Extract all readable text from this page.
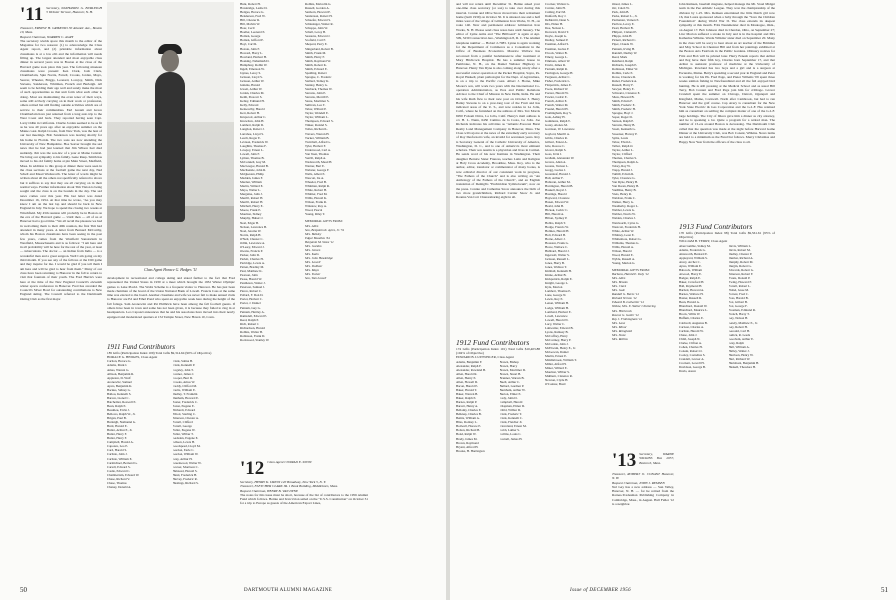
'11 Secretary, NATHANIEL G. BURLEIGH 5 Webster Terrace, Hanover, N. H.

Treasurer, ERNEST H. GRIMOND 30 Atlantic Ave., Boston 10, Mass.

Bequest Chairman, WARREN C. AGRY

The secretary wields space this month to the editor of the Magazine for two reasons: (1) to acknowledge the Class Agent report, and (2) printable information about classmates is at a low ebb and the information will needs filling up. The largest attended and most enjoyable class dinner in several years was in Boston at the close of the Harvard game took place this year. The following nineteen classmates were present: Ken Clark, Josh Clark, Chamberlain, Spin Norris, Farrell, Crooks, Jordan, Mayo, Seaver, Wheeler, Briggs, Leonard, Lovejoy, Smith, Dick Stevens, Sanderson, Whitman, French and Burleigh. All seem to be holding their age well and surely make the most of such opportunities as that unit form what each other is doing. Most are maintaining the even tenor of their ways, some still actively carrying on in their work or profession, others retired but still finding outside activities which are of service to their communities. Earl Gream and Grace Chamberlain have just returned from a long auto trip to the West Coast and back. They reported having seen Capt. Larry Odlin in California. Charlie Jordan seemed to be as fit as he was 40 years ago after an enjoyable summer on the Maine coast. Ralph Crooks, from New York, was the best of our last meetings. Bob Sanderson was leaving shortly for his home in Florida. The two sons are now attending the University of New Hampshire. Hoe Seaver brought the sad news that he had just learned that Jim Wilson had died suddenly. Jim was the son-law of a year at Maine Central. We bring our sympathy to his family. Gene Raup. Smith has moved to his old family home at pin Main Street, Medfield, Mass. In addition to this group at dinner there were seen in the class sections at the football game the next day, Ned Schell and Mead Wadsworth. The letter of words might be written about all the others not specifically referred to above but it suffices to say that they are all carrying on in their normal ways. Further information about Tim Vision is being sought and the class is on the bounds in the day. The sad news comes over this year. His last letter was dated December 16, 1954. At that time he wrote, "As you may know I am on the last lap and should be back in New England in July. We hope to spend the closing two weeks at Winchfield. My 45th reunion will probably be in Boston on the eve of the Harvard game — Until then — all of us at Hanover had a good time." We all recall the pleasure we had in welcoming them to their 40th reunion, the first Tim had attended in many years. A letter from Bernard McCarthy, whom his Boston classmates have been seeing in the past few years, comes from the Westfield Sanatorium in Westfield, Massachusetts and is as follows: "I am here and in all probability will be here for the rest of the year, at least — tuberculosis. The doctor — an Indian from India — is a wonderful man and a great surgeon. Well I am going on my third month. If you see any of the fellows at the Dill game and they inquire for me. I would be glad if you tell them I am here and will be glad to hear from them." Many of our class have been returning to Hanover in the fall to return to visit that fountain of their youth. The Fred Harris's were here at the time of the New England Council's eleventh winter sports conference in Hanover. Fred has awarded the Council's Silver Bowl for outstanding contributions to New England skiing. The Council referred to the Dartmouth Outing Club as the first major

Class Agent Horace G. Hedges '11

development in recreational and college skiing and stated further to the fact that Fred represented the United States in 1930 at a meet which brought the 1932 Winter Olympic games to Lake Placid. The Waltz Scheme is a frequent visitor to Hanover. He has just been made chairman of the board of the Union National Bank of Lowell. Francis Cass at the same time was elected to the board. Another classmate and wife we never fail to make annual visits to Hanover are Ed and Ethel Pond who spent an enjoyable week here during the height of the fall foliage. Sam Aronowitz and Pat Philbrick have been among the fall football guests. If others have been in town and some has not been given, it is because they failed to ring in at headquarters. Leo Capozzi announces that he and his associates have moved into their newly equipped and modernized quarters at 152 Temple Street, New Haven 10, Conn.

1911 Fund Contributors

185 Gifts (Participation Index 109) Total Gifts $9,314.64 (90% of Objective)

HORACE G. HEDGES, Class Agent

Carlton, Horace G.
Adams, Mark I.
Ames, Warren G.
Allison, Benjamin R.
Appleton, D. Wolf
Aronowitz, Samuel
Ayers, Benjamin K.
Backus, Sidney G.
Ballou, Kenneth S.
Barron, Lionel C.
Batchelder, Roswell E.
Bean, Ralph E.
Beaulieu, Ervin J.
Bellows, Ralph W., Jr.
Brigan, Paul B.
Burleigh, Nathaniel G.
Burtt, Harold E.
Butler, Arthur P., Jr.
Butler, Harry F.
Butler, Harry F.
Campbell, Harold A.
Capozza, Leo E.
Card, Harold S.
Carlisle, John J.
Carlisle, William E.
Carmichael, Bernard G.
Cartell, Edward S.
Castle, Edward C.
Chamberlain, Edward W.
Chase, Richard V.
Chase, Thomas
Cheney, Donald A.
Clark, Salina B.
Clark, Kenneth P.
Cogsley, John T.
Connor, James J.
Cooper, Burt D.
Crooks, Amos W.
Cuddy, Clifford M.
Curtis, William E.
Dudley, T. Franklin
Dunham, Howard E.
Easter, Frederick C.
Eaton, Eugene E.
Ehrhardt, Edward
Elliott, Sterling C.
Emerson, Chester A.
Farrell, Clifford
Farrell, George
Fuller, Eugene W.
Fuller, Wilbur T.
Gadsden, Eugene E.
Gibson, Lewis H.
Goodspeed, Lloyd M.
Gordon, Earle C.
Gordon, William W.
Gray, Arthur H.
Greenwood, Walter W.
Grover, Morrison C.
Halstead, Harold S.
Hand, Frederick H.
Harvey, Frederic R.
Hastings, Richard S.
Hunt, Robert H.
Hawkridge, Leslie D.
Hedges, Horace G.
Henderson, Fred W.
Hill, Chester R.
Hill, Malvin W.
Hoar, Cecil
Hoeller, Leonard E.
Holden, George
Holden, Gifford P.
Hoyt, Carl R.
Hoxsie, John F.
Howard, Harry L.
Howland, Herbert H.
Hosking, Nehemiah D.
Humphrey, Rollin W.
Ingell, Emerson W.
Jaynes, Leroy S.
Jackson, Lloyd S.
Jackson, Arthur W.
Jenkins, Harold
Jewett, Arthur W.
Jordan, Charles M.
Keith, Prescott S.
Kelley, Edmund H.
Kelly, Edward
Kenworthy, Harold
Kerr, Robert H.
Krupscott, Arthur C.
Knowlton, John H.
Lambert, Ralph D.
Langdon, Robert J.
Larrabee, Lloyd S.
Leach, Roger E.
Levison, Frederick W.
Loughlin, Thomas F.
Lovejoy, Ernest L.
Lowell, John F.
Lyman, Thomas B.
McConnell, Guy M.
MacGregor, Harold B.
MacKenzie, John R.
McQuesten, Philip
Madden, James F.
Marden, William
Martin, Willard E.
Mayo, Walter L.
Mergaine, John J.
Merrill, Robert H.
Merrill, Robert H.
Mitchell, Harry E.
Moore, Frank E.
Moulton, Sidney
Murphy, Hubert J.
Neal, Edgar B.
Nelson, Lawrence B.
Noel, Jerome W.
Norris, Ralph H.
O'Neil, Chester C.
Odlin, Lawrence A.
O'Leary, Edward J.
Owens, Francis P.
Parker, John D.
Parlett, Charles H.
Partridge, Lewis A.
Patten, Bradley M.
Paul, Matthew K.
Pearson, John
Pease, Harold W.
Pendleton, Walter J.
Peterson, Samuel J.
Pierce, Robert C.
Pollard, F. Don D.
Porter, Herbert C.
Porter, J. Daniel
Putnam, Guy G.
Putnam, Hartley A.
Ramsdell, Edward E.
Reed, Ralph P.
Rich, Robert J.
Richardson, Harold
Rollins, Walter B.
Robinson, Frank D.
Rockwood, Stanley W.
Rollins, Malcolm G.
Russell, Gordon A.
Sanborn, Howard P.
Sanderson, Robert H.
Schaefer, Edward S.
Schlesinger, Walter R.
Schoppe, John W.
Schell, Leroy B.
Sessions, Edward J.
Scofield, Carl F.
Shepard, Perry E.
Slingerland, Robert B.
Smith, Frank M.
Smith, Harry F.
Smith, Raymond W.
Smith, Robert K.
Smith, Edward E.
Spalding, Robert
Sprague, C. Frederic
Stallard, Sidney K.
Stanley, Henry G.
Starbuck, Thomas W.
Stevens, John E.
Stevens, Merrill E.
Stone, Mortimer S.
Sullivan, Leo T.
Tabor, Willard P.
Taylor, Wendell E.
Taylor, William L.
Thompson, Edward S.
Tinker, Roland S.
Tolles, Richard L.
Travers, Warren H.
Tucker, William B.
Twitchell, Alfred G.
Tyler, Herbert F.
Underwood, Carl A.
Van Veen, Thomas
Verrill, Ralph A.
Wadsworth, Mead H.
Warner, Bert E.
Webster, George F.
Wells, Albert E.
Wescott, Ira A.
Wheeler, Fred B.
Whitman, Ralph R.
White, Robert H.
Whittier, Fred M.
Willis, Harold K.
Wilson, Frank R.
Winslow, Roy A.
Wood, Pascal
Young, Riley T.
MEMORIAL GIFTS FROM:
Mrs. Allen
Son, Benjamin K. Ayres, Jr. '51
Mrs. Bulkley
Edgar Beaulieu '64
Benjamin M. Stone '11
Mrs. Gordon
Mrs. Jensen
Mrs. Kahn
Mrs. John Hawkridge
Mrs. Lowell
Mrs. Dolbear
Mrs. Mayo
Mrs. Tucker
Son, Tom Lowell
'12 Class Agent CONRAD E. SNOW

Secretary, HENRY K. URION 120 Broadway, New York 5, N. Y.

Treasurer, FLETCHER CLARK JR. 1 Book Building, Middleboro, Mass.

Bequest Chairman, HENRY B. VAN DYNE

The notes for this issue must be short, because of the list of contributors to the 1956 Alumni Fund which follows. Heinie and Ivan Urion sailed on the "U.S.S. Constitution" on October 31 for a trip to Europe as guests of the American Export Lines,

50	DARTMOUTH ALUMNI MAGAZINE

and will not return until December 31. Heinie asked your one-time class secretary (or son) to take over during this interval. Connie and Olive Snow moved into their retirement home (built 1939) on October 30. It is situated one and a half miles west of the village of Gilmanton Iron Works, N. H., on route 140. New and permanent address: Gilmanton Iron Works, N. H. Please send class notes here until January. The editor of Lyme Arms and "The Billboard" is again at Apt. 509, 3230 Connecticut Ave., Washington 8, D. C. The Alumni telephone number — Hobart 2-7083. Lynne is again working for the Department of Commerce as a Consultant in the Office of Business Economics. Maurice Wallace has recovered from a painful backmaneuvre after treatment at Mary Hitchcock Hospital. He has a summer house in Pembroke, N. H., on the Daniel Webster Highway to Hanover. Henry Van Dyne is also coming along nicely after a successful cancer operation at the Packer Hospital, Sayre, Pa. Royal Haskell, plant pathologist for the Dept. of Agriculture, is on a trip to the Pacific coast. Albert J. Horne, Mike Moore's son, will work two years with the International Co-operation Administration, as Pres and Public Relations Advisor to the Chief of Mission in New Delhi, India. He and his wife Ruth flew to their new post on October 3. Henry Bailey Stevens is on a year-long tour of the Fruit and has indicated areas of the U. S., and now resides in La Jolla, Calif., where he furnished on the address of Mrs. Tex Morris 6950 Folsom Drive, La Jolla, Calif. Henry's mail address is c/o H. L. Nunn, 6450 Camino de la Costa, La Jolla. Joe Richards indicates his activities as "Atlantic-Forecast Burst Realty Land Management Company in Hanover, Mass. The Class will rejoice at the news of the extremely early recovery of Roy Desforzon's wife, an invalid for seventeen years. Roy is Secretary General of the Catholic University of America, Washington, D. C., and is one of America's most eminent scholars. Their son Austin is a physician and lives in Carmel. He sends word of his new Institute in Washington. Their daughter Bernice Sister Frances, teaches Latin and Religion at Holy Cross Academy, Brookline, Mass. Roy, who is the author, editor, translator or commentator of many books, is now editorial director of our consistent work in progress, "The Fathers of the Church" and is also writing an "An Anthology of the Fathers of the Church", and an English translation of Demigh's "Enchiridion Symbolorum", now on the press. Connie and Catherine Snow announce the birth of two more grandchildren, Richard Currier Snow Jr. and Roanna Van Cott Chanaraharing eight in all.

1912 Fund Contributors

174 Gifts (Participation Index 101) Total Gifts $10,403.88 (104% of Objective)

EDWARD B. LUITWEILER, Class Agent

Adams, Benjamin F.
Alexander, Ralph F.
Alexander, Rowland B.
Allen, Harold R.
Allen, Henry E.
Allen, Howell D.
Bacon, Harold E.
Baker, Harold T.
Baker, Warren B.
Baker, Ralph E.
Barnes, Ralph P.
Barrett, Henry A.
Bellamy, Charles E.
Belknap, Charles B.
Bemis, William A.
Bliss, Rodney L.
Bodwell, Horace E.
Bolton, Richard B.
Bond, Ralph W.
Brady, James M.
Brown, Raymond
Bryant, Alfred H.
Brooks, H. Harrington
Brown, Bishop
Brown, Harry
Brown, Mortimer D.
Brown, Stuart B.
Brunner, Warren B.
Buell, Arthur C.
Bullard, Gardner P.
Burnham, Arthur W.
Burton, Elmer E.
Cady, John D.
Campbell, Harold
Chapman, Elmer D.
Child, Wilbur D.
Clark, Frederic T.
Clark, Kenneth C.
Clark, Fletcher Jr.
Cleveland, Ernest M.
Cobb, Luther S.
Collins, Louis C.
Cornell, James H.
Crocker, Walton G.
Currier, John H.
Cutting, Earl M.
Danforth, Roy J.
DeMerritt, Dean S.
Dix, Elmer H.
Doe, Nelson L.
Dorward, David T.
Doyle, Joseph G.
Dudley, Samuel P.
Eastman, Alfred S.
Eastman, Lucius F.
Elcock, Walter B.
Emery, George L.
Emmons, Albert W.
Erwin, James R.
Farnum, Ralph R.
Farrington, George H.
Ferguson, Arthur C.
Fisher, Frederick L.
Fitzpatrick, James E.
Foote, Richard W.
Forster, Harold W.
Fowler, Cedric E.
French, Arthur E.
French, Walter M.
Freund, Harold H.
Frothingham, Roy S.
Gale, Ashley H.
Gammons, Ralph T.
Garey, Alonzo M.
Garrison, W. Lawrence
Gaylord, Merrill A.
Gibbs, Charles R.
Gilbert, Ernest A.
Gile, Roscoe C.
Glover, Ralph S.
Goss, Irvin J.
Graham, Alexander W.
Graves, Allen A.
Greene, Vernon L.
Gregg, Lucius J.
Greenleaf, Harold J.
Hall, Arthur F.
Halloran, Arthur M.
Harrington, Harold B.
Haskell, Royal J.
Hastings, Harold
Hayward, Clarence
Hazen, Edward W.
Heald, John B.
Hickok, Cedric C.
Hill, Harold A.
Hilton, Sydney P.
Hobbs, Ralph T.
Hodge, Francis W.
Holmes, Harold H.
Holt, Edward B.
Horne, Albert J.
Houston, Frank G.
Howe, Wallace C.
Hubbard, Harold J.
Ingersoll, Walter S.
Jackson, Russell L.
Jones, Harry B.
Jones, Wallace T.
Kimball, Kenneth H.
Kinne, Arthur B.
Kirkpatrick, Ralph E.
Knight, George L.
Kyle, Morton
Lambert, Thomas E.
Lane, George N.
Lewis, Roy E.
Lenon, William H.
Lodge, William H.
Lombard, Herbert E.
Lovell, Lawrence
Lowell, Harold N.
Lucy, Walter C.
Luitweiler, Edward B.
Lyons, Ramsay B.
McCaffrey, Harry
McCartney, Harry F.
McCorkle, John J.
McElwain, Henry E., Jr.
McGowan, Daniel
Martin, Ernest E.
Middlebrook, William T.
Miller, Alfred H.
Minor, Willard E.
Moulton, Wilbur S.
Mulhern, Clarence R.
Newton, Clyde H.
O'Connor, Basil
Oneal, James L.
Orr, Caleb W.
Park, John B.
Parks, Robert L., Jr.
Parmenter, Vernon E.
Partlow, Leroy E.
Pearl, Herbert B.
Philpott, Cleland E.
Phipps, John H.
Pickett, Richard C.
Piper, Claude W.
Putnam, Irving H.
Randall, Dudley W.
Reed, Mark
Reinhard, Ralph
Richards, Joseph E.
Robinson, Elmer W.
Rollins, Carle E.
Rowe, Clarence R.
Rubel, Frederick A.
Russell, Harry F.
Sawyer, Henry E.
Schwartz, Clarence E.
Shaw, Howard B.
Smith, Edwin F.
Smith, Frederic E.
Smith, Frederic H.
Sprague, Hoyt J.
Soper, Roger D.
Stetson, Ralph P.
Stevens, Henry B.
Swett, Kenneth G.
Sweetser, Harvey P.
Syms, Louis
Tabor, Elwin L.
Talbot, Ralph O.
Taylor, Arthur L.
Taylor, Clifford
Thomas, Charles S.
Thompson, Ralph A.
Tobey, Ray W.
Trapp, Harold J.
Tuthill, Edwin R.
Tyler, Clarence G.
Van Dyne, Henry B.
Van Doren, Henry B.
VanDine, Henry B.
Viets, Henry R.
Waldron, Frank C.
Walker, Harry G.
Weatherby, Roger L.
Webber, Lewis G.
Webber, Norris W.
Welden, Charles J.
Wentworth, Cyrus G.
Westcott, Frederick H.
White, Arthur W.
Whitney, Leon E.
Whittemore, Robert G.
Williams, Thomas G.
Willis, Harold A.
Wilson, Harold
Wood, Harold E.
Wylde, Russell A.
Young, Marion G.
MEMORIAL GIFTS FROM:
Barbara, Harold E. Daly '12
Mrs. Allen
Mrs. Brooks
Mrs. Clark
Mrs. Gale
Randall G. Burns '12
Richard Vernon '12
Edward B. Luitweiler '12
Widow, Mrs. E. Walter Chickering
Mrs. Hitchcock
Roscoe G. Gailer '12
Roy J. Frothingham '12
Mrs. Lane
Mrs. Minor
Mrs. Reinghold
Mrs. Stone
Mrs. Rollins
'13 Secretary, WARDE WILKINS Box 2057, Boston 6, Mass.

Treasurer, ROBERT O. CONANT Hanover, N. H.

Bequest Chairman, JOHN J. REMSEN

Nel Gay has a new address — Sun Valley, Hanover, N. H. — for he retired from the Rarnes-Tradesman Publishing Company in Cambridge, Mass., in August. Hall Fuller '12 is a neighbor.

John Remsen, baseball magnate, helped manage the Mt. Stoul Midget team in the Pee Athletic League. They won the championship of the division by 1-25. Mrs. Remsen entertained the little Dutch girl now 16, that Laura sponsored when a baby through the "Save the Children Foundation" during World War II. The class extends its deepest sympathy at this month. Fritz Neunmeister died in Moskogee, Okla., on August 17. Bob Johnson died in Chardon, Ohio, on September 27; Linc Morton suffered a stroke in July and is in the hospital and Mrs Katherine Wilkins. Warde Wilkins' sister died on September 20. Many in the class will be sorry to hear about an art teacher of the Brimmer and May School in Chestnut Hill and from her paintings exhibited at the Boston Arts Festivals in the Public Gardens. Obituary notices for Fritz and Bob will be printed later. Harry Fenesh reports that Arthur and Peg have their fifth boy, Charles born September 17, and that Arthur is assistant professor of medicine at the University of Michigan. Rowland has two boys and a girl and is a surgeon at Escanaba, Maine. Betty's spending a second year in England and Peter is working for his Ph. Fred Page, and Pieter Willems '09 spent three weeks salmon fishing in Newfoundland and all the fall enjoyed bird hunting. He is still pressing at the Medical School and as usual Bill Terry, Bob Conant and Fred Page join him for cribbage. Grover Crandall spent the summer on Chicago, Detroit, Ogunquit and Kingfield, Maine, Cornwall. North after Cambrook, but had to run Hanover and the golf course. Cap Avery is consultant for the New York State Electric & Gas Corporation and the G.L.F. Has retained him as consultant on settling the complex matter of one of the G.L.F. large holdings. The City of Ithaca gave him a dinner as city attorney, and he is speaking a lot. Quite a program for a retired man. The number of 13-ers around Boston is decreasing. The Dartmouth Club called that the question was made at the night before Harvard Game Dinner at the University Club, was Bob Conant, Wilkins. News items are held to a minimum as the Fund list follows. Merry Christmas and Happy New Year from the officers of the class to all.

1913 Fund Contributors

170 Gifts (Participation Index 98) Total Gifts $9,561.61 (95% of Objective)

WILLIAM B. TERRY, Class Agent

Abercrombie, Sidney M.
Adams, Frederick G.
Ainsworth, Bernard E.
Appleyard, William S.
Avery, Archer C.
Ayres, William E.
Babcock, William
Atwood, Harry E.
Badger, Ralph E.
Baker, Crawford H.
Ball, Raymond H.
Bartlett, Howard A.
Barnes, Wallace H.
Baxter, Russell R.
Bean, Harold A.
Blanchard, Donald W.
Blanchard, Maurice L.
Brock, Willis W.
Buffum, Charles E.
Caldwell, Augustus B.
Carlson, Charles A.
Carlisle, Harold W.
Chase, John J.
Child, Joseph N.
Clarke, Clifton A.
Cohen, Charles H.
Conant, Robert O.
Cooley, Cornelius S.
Crandall, Grover A.
Crockett, Lowell H.
Davidson, George B.
Davis, Aaron
Davis, William L.
Davis, Robert M.
Dudley, Chester P.
Dunbar, Richard A.
Dunphy, Robert M.
Durgin, Robert G.
Edwards, Robert G.
Emerson, Robert F.
Evans, Donald P.
Ewing, Howard F.
Farrell, Robert L.
Fishel, Jesse M.
Forrest, Fred C.
Foss, Harold B.
Fox, Gilbert B.
Fox, George F.
Freeman, Edmund R.
French, Harry T.
Gay, Nelson H.
Gately, Matthew E., Jr.
Gay, Robert H.
Gerould, Carl H.
Gulick, R. Leeds
Goodwin, Arthur E.
Gray, Ralph
Hall, William A.
Halley, Walter J.
Harrison, Henry W.
Hart, Richard W.
Hartshorn, Benjamin H.
Haskell, Theodore H.
Issue of DECEMBER 1956	51
